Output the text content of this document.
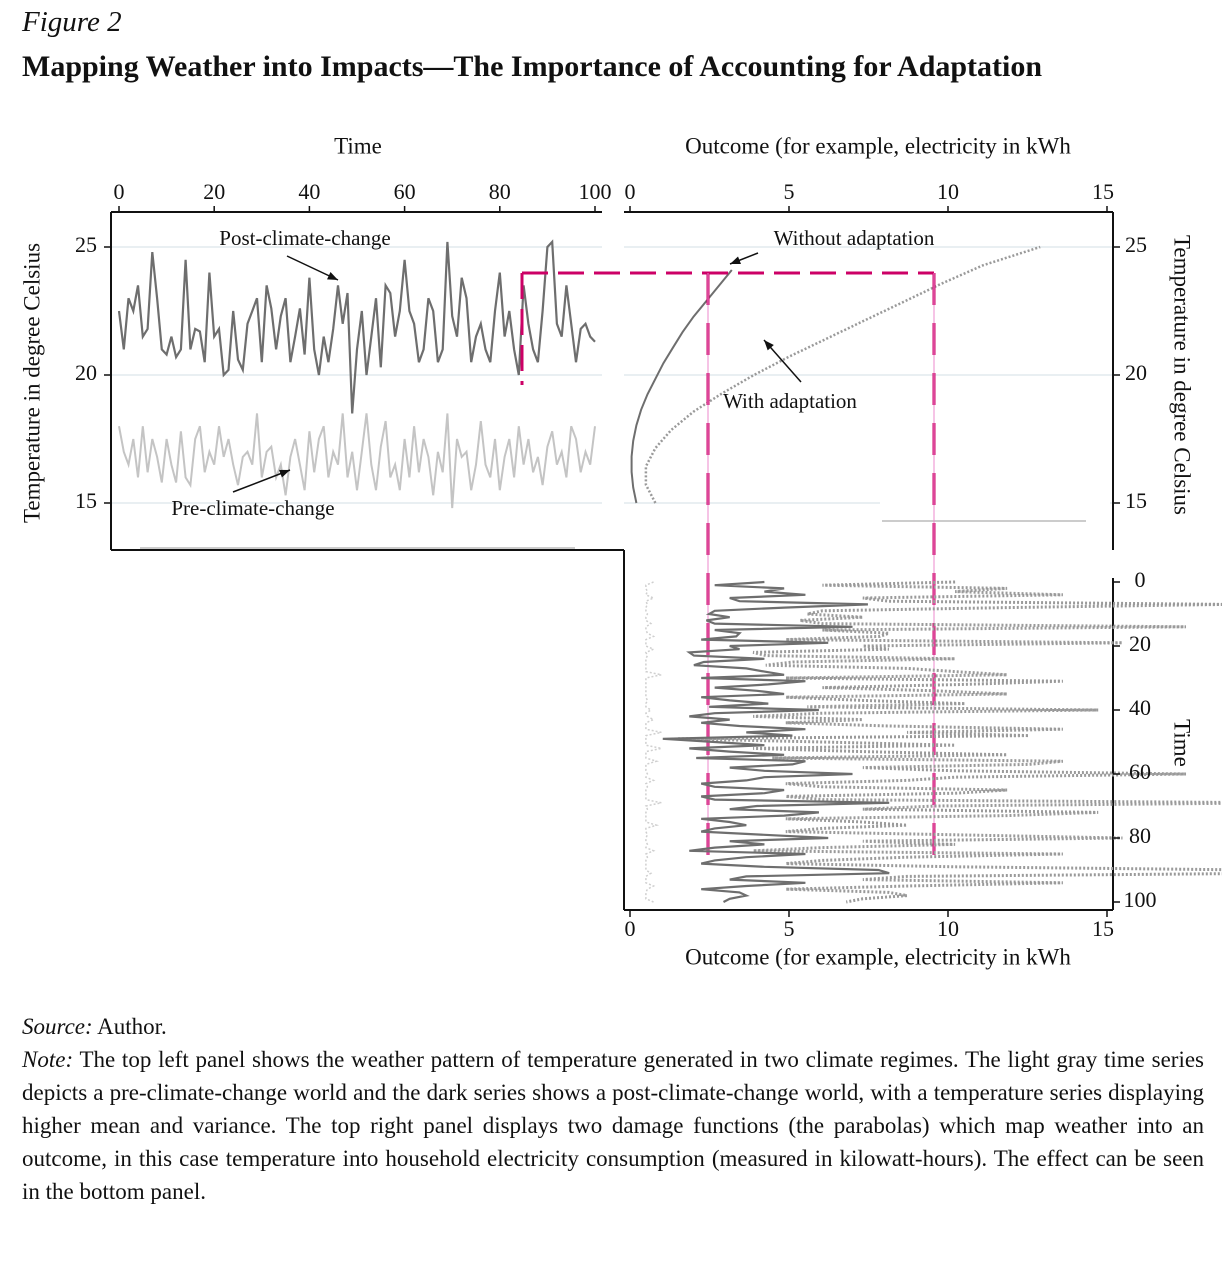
Figure 2
Mapping Weather into Impacts—The Importance of Accounting for Adaptation
0	20	40	60	80	100
Time
15
20
25
Temperature in degree Celsius
Post-climate-change
Pre-climate-change
0	5	10	15
Outcome (for example, electricity in kWh
15
20
25 Temperature in degree Celsius
Without adaptation
With adaptation
0
20
40
60
80
100
Time
0	5	10	15
Outcome (for example, electricity in kWh
Source: Author.
Note: The top left panel shows the weather pattern of temperature generated in two climate regimes. The light gray time series depicts a pre-climate-change world and the dark series shows a post-climate-change world, with a temperature series displaying higher mean and variance. The top right panel displays two damage functions (the parabolas) which map weather into an outcome, in this case temperature into household electricity consumption (measured in kilowatt-hours). The effect can be seen in the bottom panel.
